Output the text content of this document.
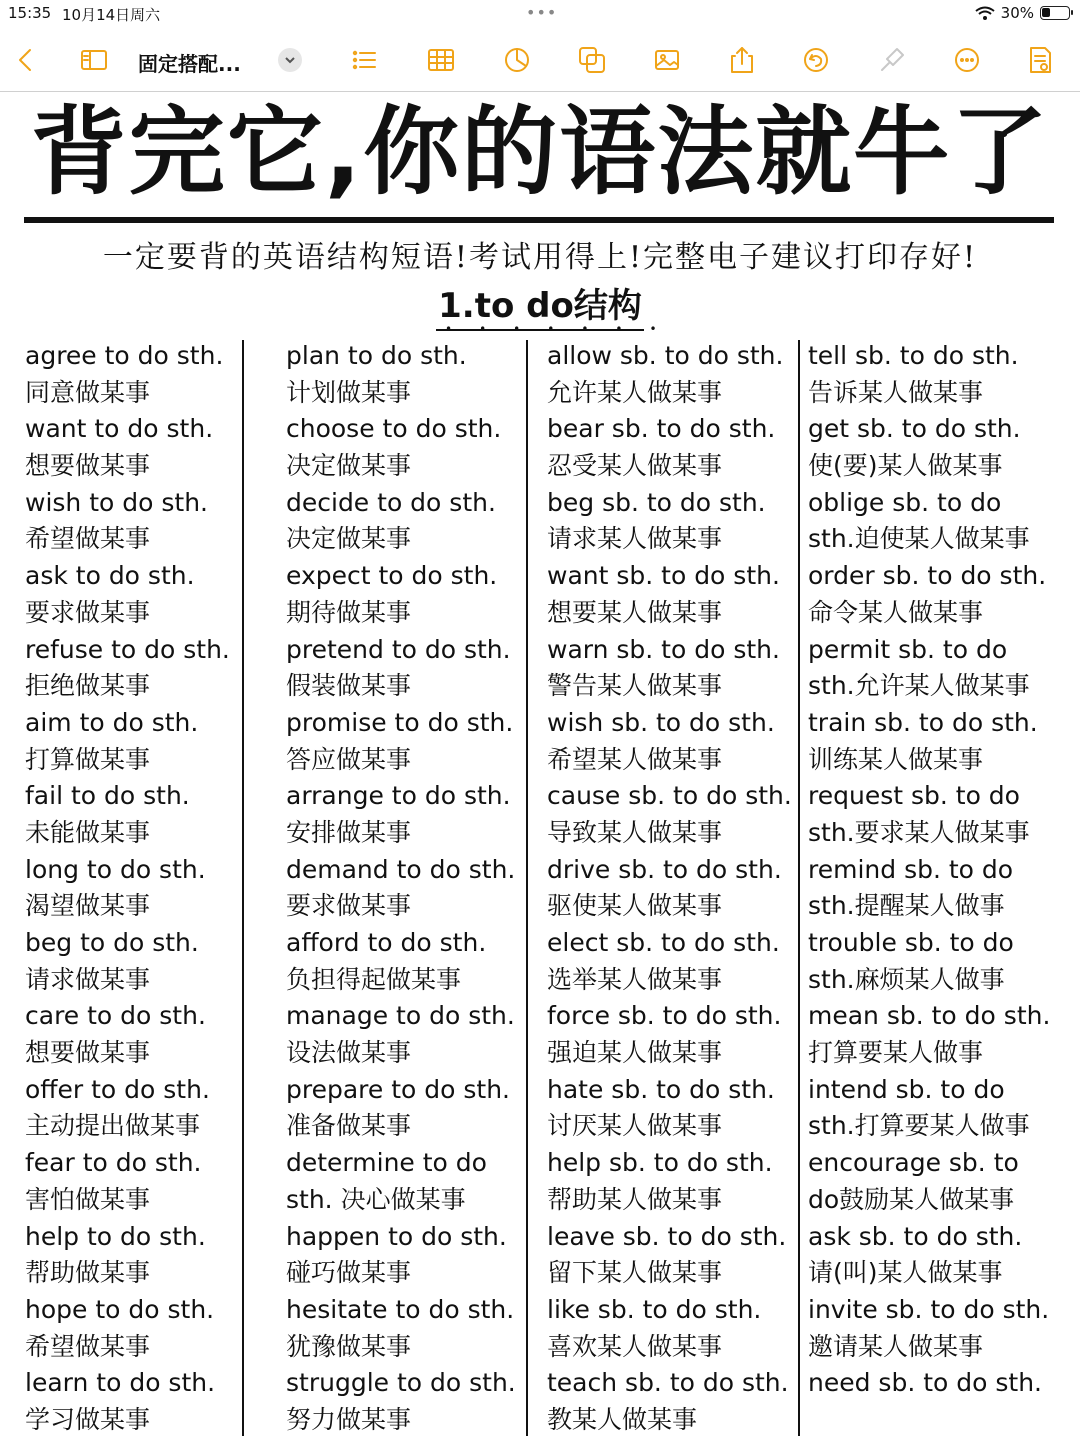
15:35 10月14日周六	•••	30%
固定搭配...
背完它,你的语法就牛了
一定要背的英语结构短语!考试用得上!完整电子建议打印存好!
1.to do结构
•••••••
agree to do sth.
同意做某事
want to do sth.
想要做某事
wish to do sth.
希望做某事
ask to do sth.
要求做某事
refuse to do sth.
拒绝做某事
aim to do sth.
打算做某事
fail to do sth.
未能做某事
long to do sth.
渴望做某事
beg to do sth.
请求做某事
care to do sth.
想要做某事
offer to do sth.
主动提出做某事
fear to do sth.
害怕做某事
help to do sth.
帮助做某事
hope to do sth.
希望做某事
learn to do sth.
学习做某事
plan to do sth.
计划做某事
choose to do sth.
决定做某事
decide to do sth.
决定做某事
expect to do sth.
期待做某事
pretend to do sth.
假装做某事
promise to do sth.
答应做某事
arrange to do sth.
安排做某事
demand to do sth.
要求做某事
afford to do sth.
负担得起做某事
manage to do sth.
设法做某事
prepare to do sth.
准备做某事
determine to do
sth. 决心做某事
happen to do sth.
碰巧做某事
hesitate to do sth.
犹豫做某事
struggle to do sth.
努力做某事
allow sb. to do sth.
允许某人做某事
bear sb. to do sth.
忍受某人做某事
beg sb. to do sth.
请求某人做某事
want sb. to do sth.
想要某人做某事
warn sb. to do sth.
警告某人做某事
wish sb. to do sth.
希望某人做某事
cause sb. to do sth.
导致某人做某事
drive sb. to do sth.
驱使某人做某事
elect sb. to do sth.
选举某人做某事
force sb. to do sth.
强迫某人做某事
hate sb. to do sth.
讨厌某人做某事
help sb. to do sth.
帮助某人做某事
leave sb. to do sth.
留下某人做某事
like sb. to do sth.
喜欢某人做某事
teach sb. to do sth.
教某人做某事
tell sb. to do sth.
告诉某人做某事
get sb. to do sth.
使(要)某人做某事
oblige sb. to do
sth.迫使某人做某事
order sb. to do sth.
命令某人做某事
permit sb. to do
sth.允许某人做某事
train sb. to do sth.
训练某人做某事
request sb. to do
sth.要求某人做某事
remind sb. to do
sth.提醒某人做事
trouble sb. to do
sth.麻烦某人做事
mean sb. to do sth.
打算要某人做事
intend sb. to do
sth.打算要某人做事
encourage sb. to
do鼓励某人做某事
ask sb. to do sth.
请(叫)某人做某事
invite sb. to do sth.
邀请某人做某事
need sb. to do sth.
